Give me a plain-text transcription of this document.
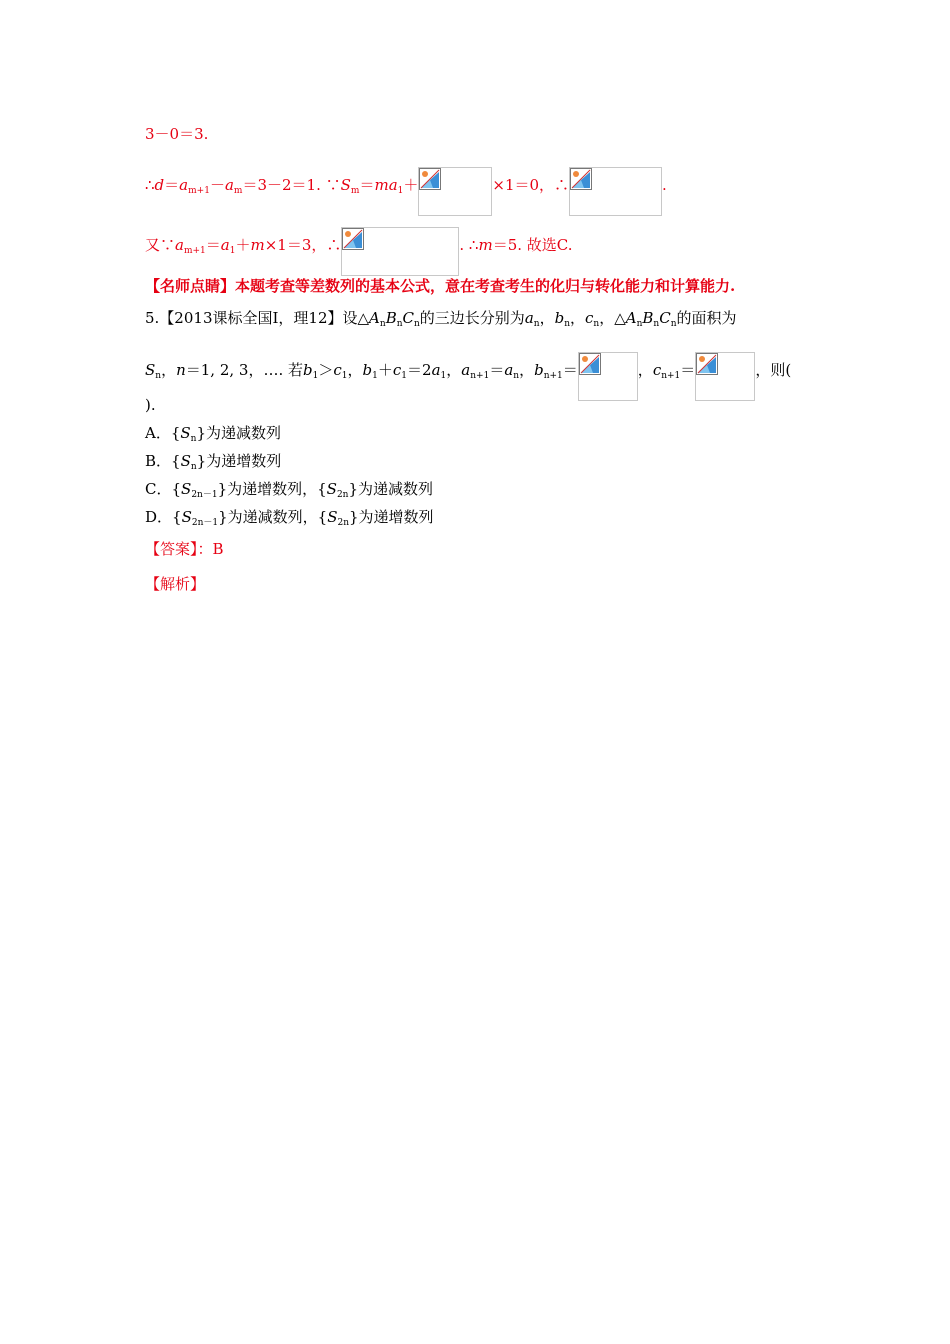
3－0＝3.
$\therefore d=a_{m+1}-a_m=3-2=1$. $\because S_m=ma_1+$	×1＝0，∴	.
又$\because a_{m+1}=a_1+m\times 1=3$，∴	. ∴m＝5. 故选C.
【名师点睛】本题考查等差数列的基本公式，意在考查考生的化归与转化能力和计算能力.
5.【2013课标全国Ⅰ，理12】设$\triangle A_nB_nC_n$的三边长分别为$a_n$，$b_n$，$c_n$，$\triangle A_nB_nC_n$的面积为
$S_n$，n＝1, 2, 3，…. 若$b_1>c_1$，$b_1+c_1=2a_1$，$a_{n+1}=a_n$，$b_{n+1}=$	，$c_{n+1}=$	，则(
).
A．$\{S_n\}$为递减数列
B．$\{S_n\}$为递增数列
C．$\{S_{2n-1}\}$为递增数列，$\{S_{2n}\}$为递减数列
D．$\{S_{2n-1}\}$为递减数列，$\{S_{2n}\}$为递增数列
【答案】：B
【解析】
